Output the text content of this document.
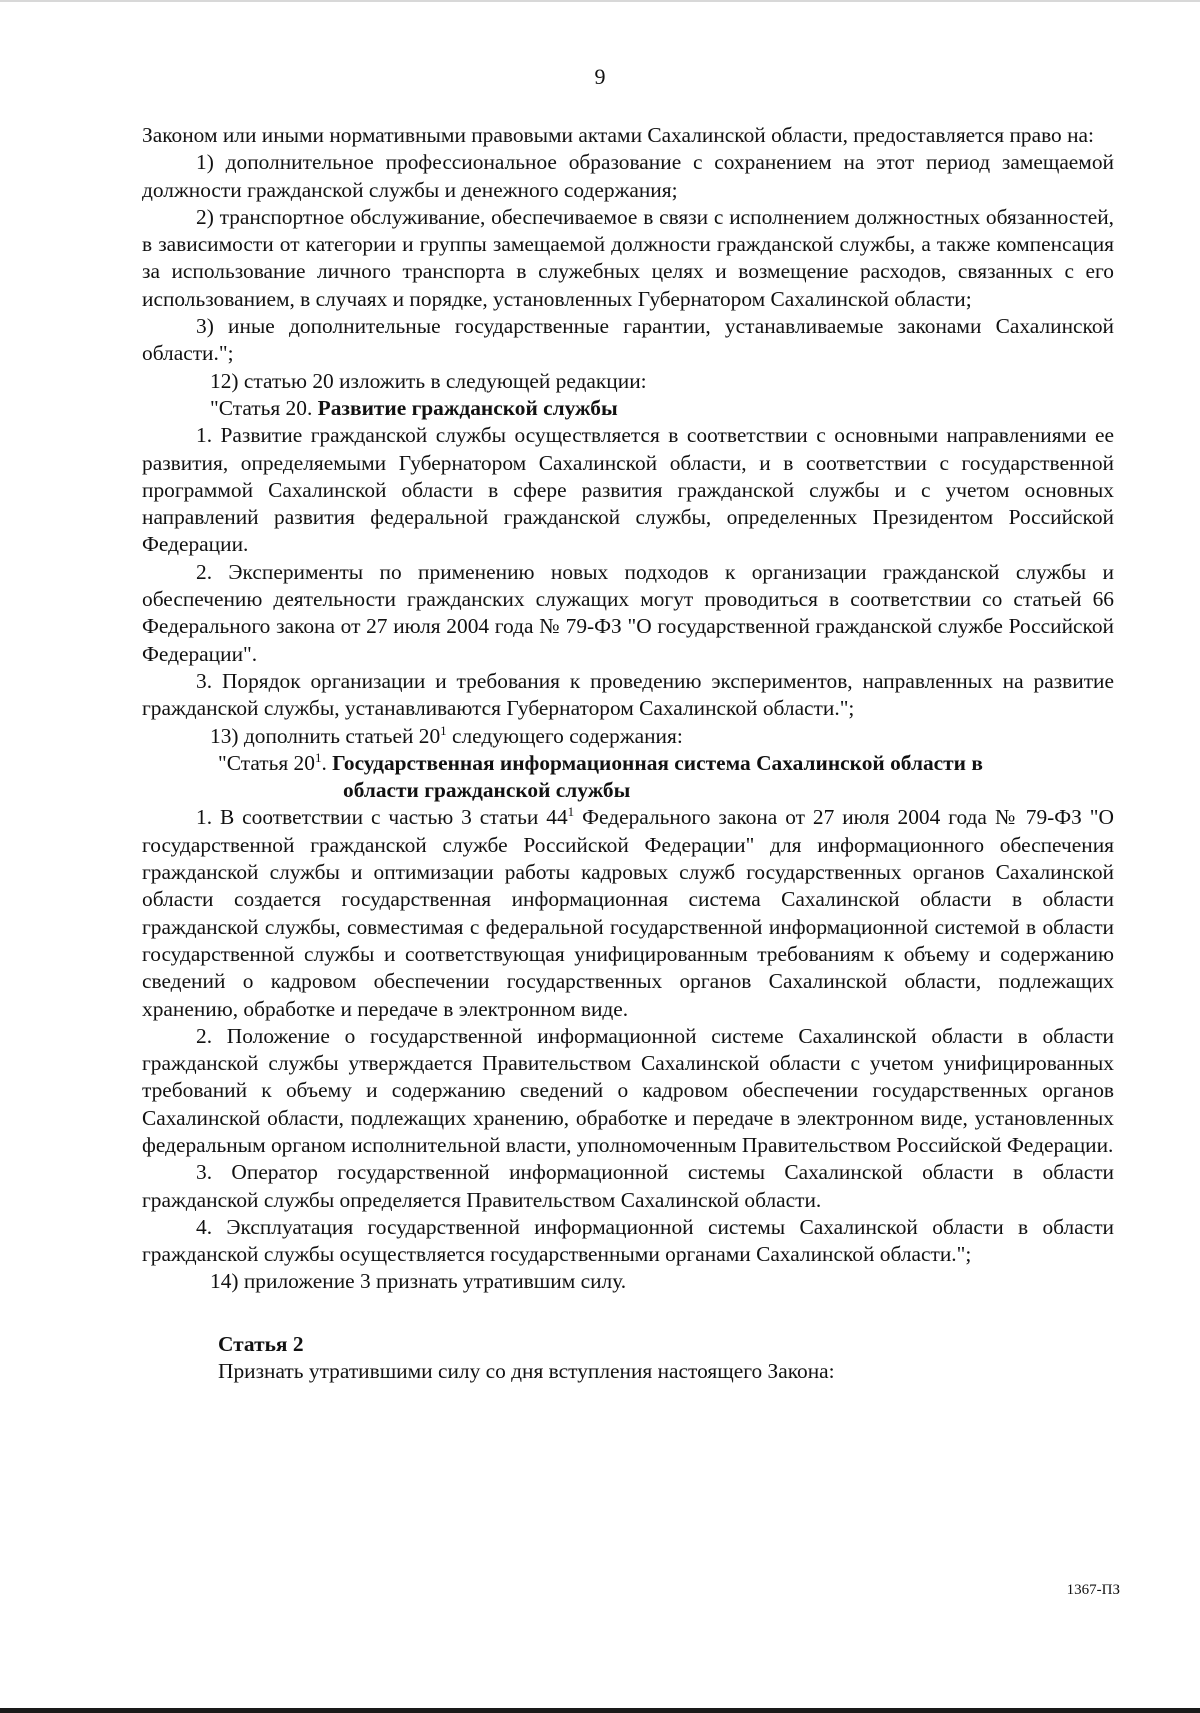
9

Законом или иными нормативными правовыми актами Сахалинской области, предоставляется право на:

1) дополнительное профессиональное образование с сохранением на этот период замещаемой должности гражданской службы и денежного содержания;

2) транспортное обслуживание, обеспечиваемое в связи с исполнением должностных обязанностей, в зависимости от категории и группы замещаемой должности гражданской службы, а также компенсация за использование личного транспорта в служебных целях и возмещение расходов, связанных с его использованием, в случаях и порядке, установленных Губернатором Сахалинской области;

3) иные дополнительные государственные гарантии, устанавливаемые законами Сахалинской области.";

12) статью 20 изложить в следующей редакции:

"Статья 20. Развитие гражданской службы

1. Развитие гражданской службы осуществляется в соответствии с основными направлениями ее развития, определяемыми Губернатором Сахалинской области, и в соответствии с государственной программой Сахалинской области в сфере развития гражданской службы и с учетом основных направлений развития федеральной гражданской службы, определенных Президентом Российской Федерации.

2. Эксперименты по применению новых подходов к организации гражданской службы и обеспечению деятельности гражданских служащих могут проводиться в соответствии со статьей 66 Федерального закона от 27 июля 2004 года № 79-ФЗ "О государственной гражданской службе Российской Федерации".

3. Порядок организации и требования к проведению экспериментов, направленных на развитие гражданской службы, устанавливаются Губернатором Сахалинской области.";

13) дополнить статьей $20^1$ следующего содержания:

"Статья $20^1$. Государственная информационная система Сахалинской области в
области гражданской службы

1. В соответствии с частью 3 статьи $44^1$ Федерального закона от 27 июля 2004 года № 79-ФЗ "О государственной гражданской службе Российской Федерации" для информационного обеспечения гражданской службы и оптимизации работы кадровых служб государственных органов Сахалинской области создается государственная информационная система Сахалинской области в области гражданской службы, совместимая с федеральной государственной информационной системой в области государственной службы и соответствующая унифицированным требованиям к объему и содержанию сведений о кадровом обеспечении государственных органов Сахалинской области, подлежащих хранению, обработке и передаче в электронном виде.

2. Положение о государственной информационной системе Сахалинской области в области гражданской службы утверждается Правительством Сахалинской области с учетом унифицированных требований к объему и содержанию сведений о кадровом обеспечении государственных органов Сахалинской области, подлежащих хранению, обработке и передаче в электронном виде, установленных федеральным органом исполнительной власти, уполномоченным Правительством Российской Федерации.

3. Оператор государственной информационной системы Сахалинской области в области гражданской службы определяется Правительством Сахалинской области.

4. Эксплуатация государственной информационной системы Сахалинской области в области гражданской службы осуществляется государственными органами Сахалинской области.";

14) приложение 3 признать утратившим силу.

Статья 2

Признать утратившими силу со дня вступления настоящего Закона:

1367-ПЗ
